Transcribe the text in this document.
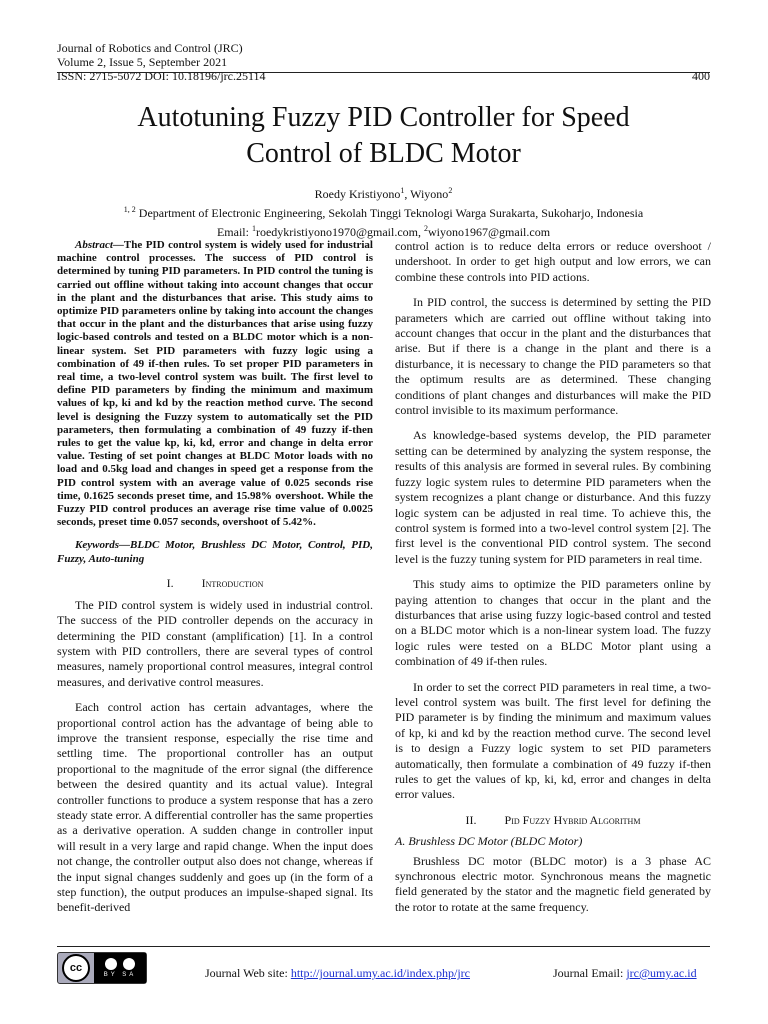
Journal of Robotics and Control (JRC)
Volume 2, Issue 5, September 2021
ISSN: 2715-5072 DOI: 10.18196/jrc.25114	400
Autotuning Fuzzy PID Controller for Speed
Control of BLDC Motor
Roedy Kristiyono$^1$, Wiyono$^2$
$^{1, 2}$ Department of Electronic Engineering, Sekolah Tinggi Teknologi Warga Surakarta, Sukoharjo, Indonesia
Email: $^1$roedykristiyono1970@gmail.com, $^2$wiyono1967@gmail.com

Abstract—The PID control system is widely used for industrial machine control processes. The success of PID control is determined by tuning PID parameters. In PID control the tuning is carried out offline without taking into account changes that occur in the plant and the disturbances that arise. This study aims to optimize PID parameters online by taking into account the changes that occur in the plant and the disturbances that arise using fuzzy logic-based controls and tested on a BLDC motor which is a non-linear system. Set PID parameters with fuzzy logic using a combination of 49 if-then rules. To set proper PID parameters in real time, a two-level control system was built. The first level to define PID parameters by finding the minimum and maximum values of kp, ki and kd by the reaction method curve. The second level is designing the Fuzzy system to automatically set the PID parameters, then formulating a combination of 49 fuzzy if-then rules to get the value kp, ki, kd, error and change in delta error value. Testing of set point changes at BLDC Motor loads with no load and 0.5kg load and changes in speed get a response from the PID control system with an average value of 0.025 seconds rise time, 0.1625 seconds preset time, and 15.98% overshoot. While the Fuzzy PID control produces an average rise time value of 0.0025 seconds, preset time 0.057 seconds, overshoot of 5.42%.

Keywords—BLDC Motor, Brushless DC Motor, Control, PID, Fuzzy, Auto-tuning

I. Introduction

The PID control system is widely used in industrial control. The success of the PID controller depends on the accuracy in determining the PID constant (amplification) [1]. In a control system with PID controllers, there are several types of control measures, namely proportional control measures, integral control measures, and derivative control measures.

Each control action has certain advantages, where the proportional control action has the advantage of being able to improve the transient response, especially the rise time and settling time. The proportional controller has an output proportional to the magnitude of the error signal (the difference between the desired quantity and its actual value). Integral controller functions to produce a system response that has a zero steady state error. A differential controller has the same properties as a derivative operation. A sudden change in controller input will result in a very large and rapid change. When the input does not change, the controller output also does not change, whereas if the input signal changes suddenly and goes up (in the form of a step function), the output produces an impulse-shaped signal. Its benefit-derived

control action is to reduce delta errors or reduce overshoot / undershoot. In order to get high output and low errors, we can combine these controls into PID actions.

In PID control, the success is determined by setting the PID parameters which are carried out offline without taking into account changes that occur in the plant and the disturbances that arise. But if there is a change in the plant and there is a disturbance, it is necessary to change the PID parameters so that the optimum results are as determined. These changing conditions of plant changes and disturbances will make the PID control invisible to its maximum performance.

As knowledge-based systems develop, the PID parameter setting can be determined by analyzing the system response, the results of this analysis are formed in several rules. By combining fuzzy logic system rules to determine PID parameters when the system recognizes a plant change or disturbance. And this fuzzy logic system can be adjusted in real time. To achieve this, the control system is formed into a two-level control system [2]. The first level is the conventional PID control system. The second level is the fuzzy tuning system for PID parameters in real time.

This study aims to optimize the PID parameters online by paying attention to changes that occur in the plant and the disturbances that arise using fuzzy logic-based control and tested on a BLDC motor which is a non-linear system load. The fuzzy logic rules were tested on a BLDC Motor plant using a combination of 49 if-then rules.

In order to set the correct PID parameters in real time, a two-level control system was built. The first level for defining the PID parameter is by finding the minimum and maximum values of kp, ki and kd by the reaction method curve. The second level is to design a Fuzzy logic system to set PID parameters automatically, then formulate a combination of 49 fuzzy if-then rules to get the values of kp, ki, kd, error and changes in delta error values.

II. Pid Fuzzy Hybrid Algorithm
A. Brushless DC Motor (BLDC Motor)

Brushless DC motor (BLDC motor) is a 3 phase AC synchronous electric motor. Synchronous means the magnetic field generated by the stator and the magnetic field generated by the rotor to rotate at the same frequency.

cc
BY SA	Journal Web site: http://journal.umy.ac.id/index.php/jrc	Journal Email: jrc@umy.ac.id
